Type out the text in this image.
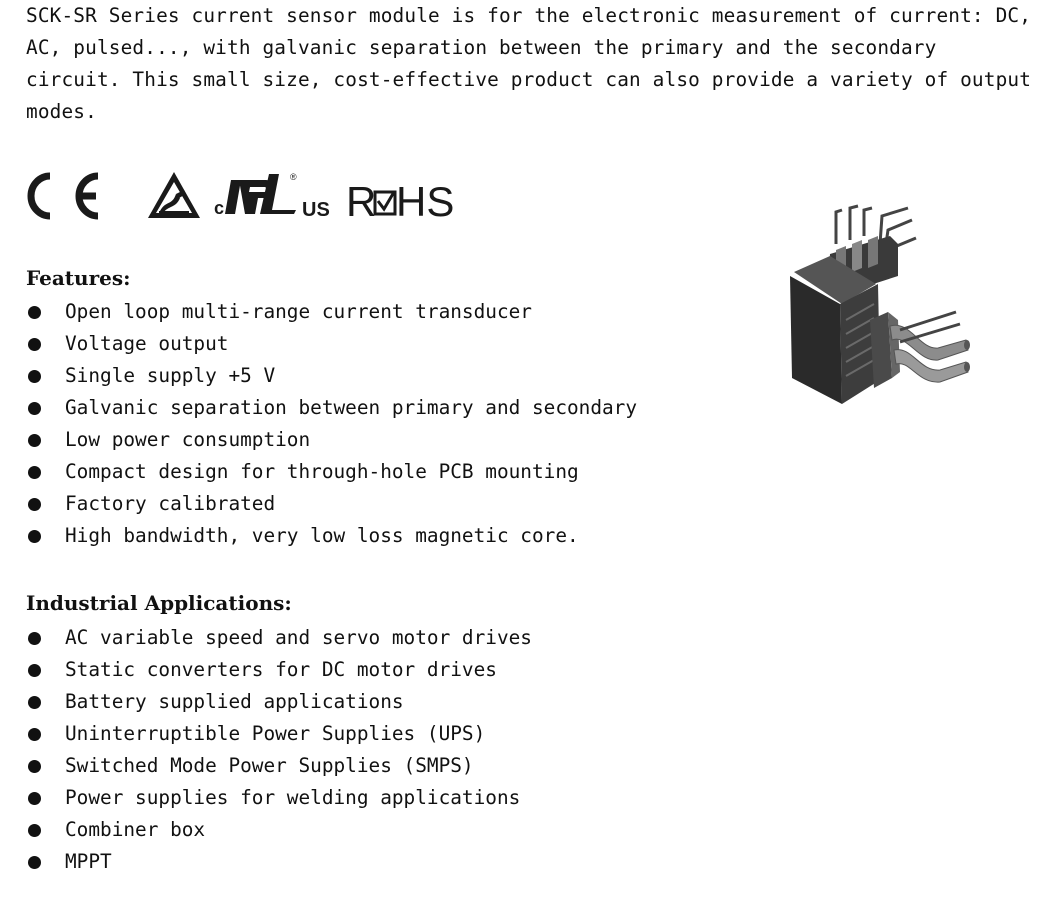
SCK-SR Series current sensor module is for the electronic measurement of current: DC, AC, pulsed..., with galvanic separation between the primary and the secondary circuit. This small size, cost-effective product can also provide a variety of output modes.

c
®
US R HS
Features:
Open loop multi-range current transducer
Voltage output
Single supply +5 V
Galvanic separation between primary and secondary
Low power consumption
Compact design for through-hole PCB mounting
Factory calibrated
High bandwidth, very low loss magnetic core.
Industrial Applications:
AC variable speed and servo motor drives
Static converters for DC motor drives
Battery supplied applications
Uninterruptible Power Supplies (UPS)
Switched Mode Power Supplies (SMPS)
Power supplies for welding applications
Combiner box
MPPT
